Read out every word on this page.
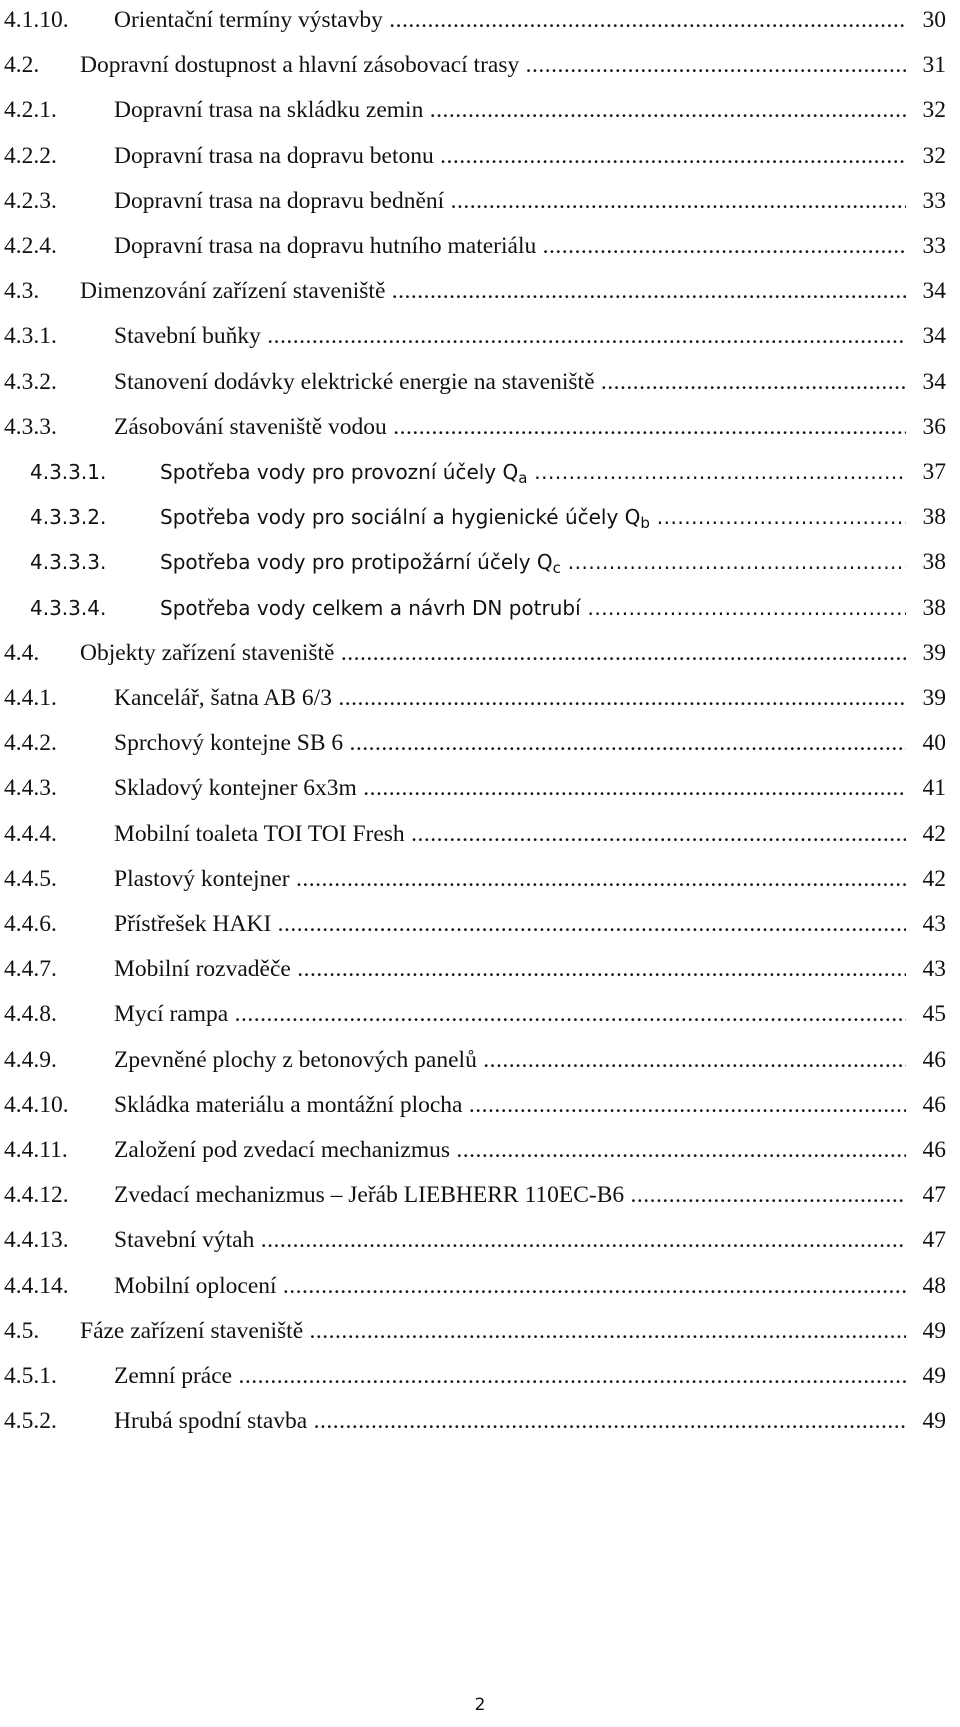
4.1.10. Orientační termíny výstavby .....	30
4.2. Dopravní dostupnost a hlavní zásobovací trasy .....	31
4.2.1. Dopravní trasa na skládku zemin .....	32
4.2.2. Dopravní trasa na dopravu betonu .....	32
4.2.3. Dopravní trasa na dopravu bednění .....	33
4.2.4. Dopravní trasa na dopravu hutního materiálu .....	33
4.3. Dimenzování zařízení staveniště .....	34
4.3.1. Stavební buňky .....	34
4.3.2. Stanovení dodávky elektrické energie na staveniště .....	34
4.3.3. Zásobování staveniště vodou .....	36
4.3.3.1.	Spotřeba vody pro provozní účely $Q_a$ .....	37
4.3.3.2.	Spotřeba vody pro sociální a hygienické účely $Q_b$ .....	38
4.3.3.3.	Spotřeba vody pro protipožární účely $Q_c$ .....	38
4.3.3.4.	Spotřeba vody celkem a návrh DN potrubí .....	38
4.4. Objekty zařízení staveniště .....	39
4.4.1. Kancelář, šatna AB 6/3 .....	39
4.4.2. Sprchový kontejne SB 6 .....	40
4.4.3. Skladový kontejner 6x3m .....	41
4.4.4. Mobilní toaleta TOI TOI Fresh .....	42
4.4.5. Plastový kontejner .....	42
4.4.6. Přístřešek HAKI .....	43
4.4.7. Mobilní rozvaděče .....	43
4.4.8. Mycí rampa .....	45
4.4.9. Zpevněné plochy z betonových panelů .....	46
4.4.10. Skládka materiálu a montážní plocha .....	46
4.4.11. Založení pod zvedací mechanizmus .....	46
4.4.12. Zvedací mechanizmus – Jeřáb LIEBHERR 110EC-B6 .....	47
4.4.13. Stavební výtah .....	47
4.4.14. Mobilní oplocení .....	48
4.5. Fáze zařízení staveniště .....	49
4.5.1. Zemní práce .....	49
4.5.2. Hrubá spodní stavba .....	49
2
